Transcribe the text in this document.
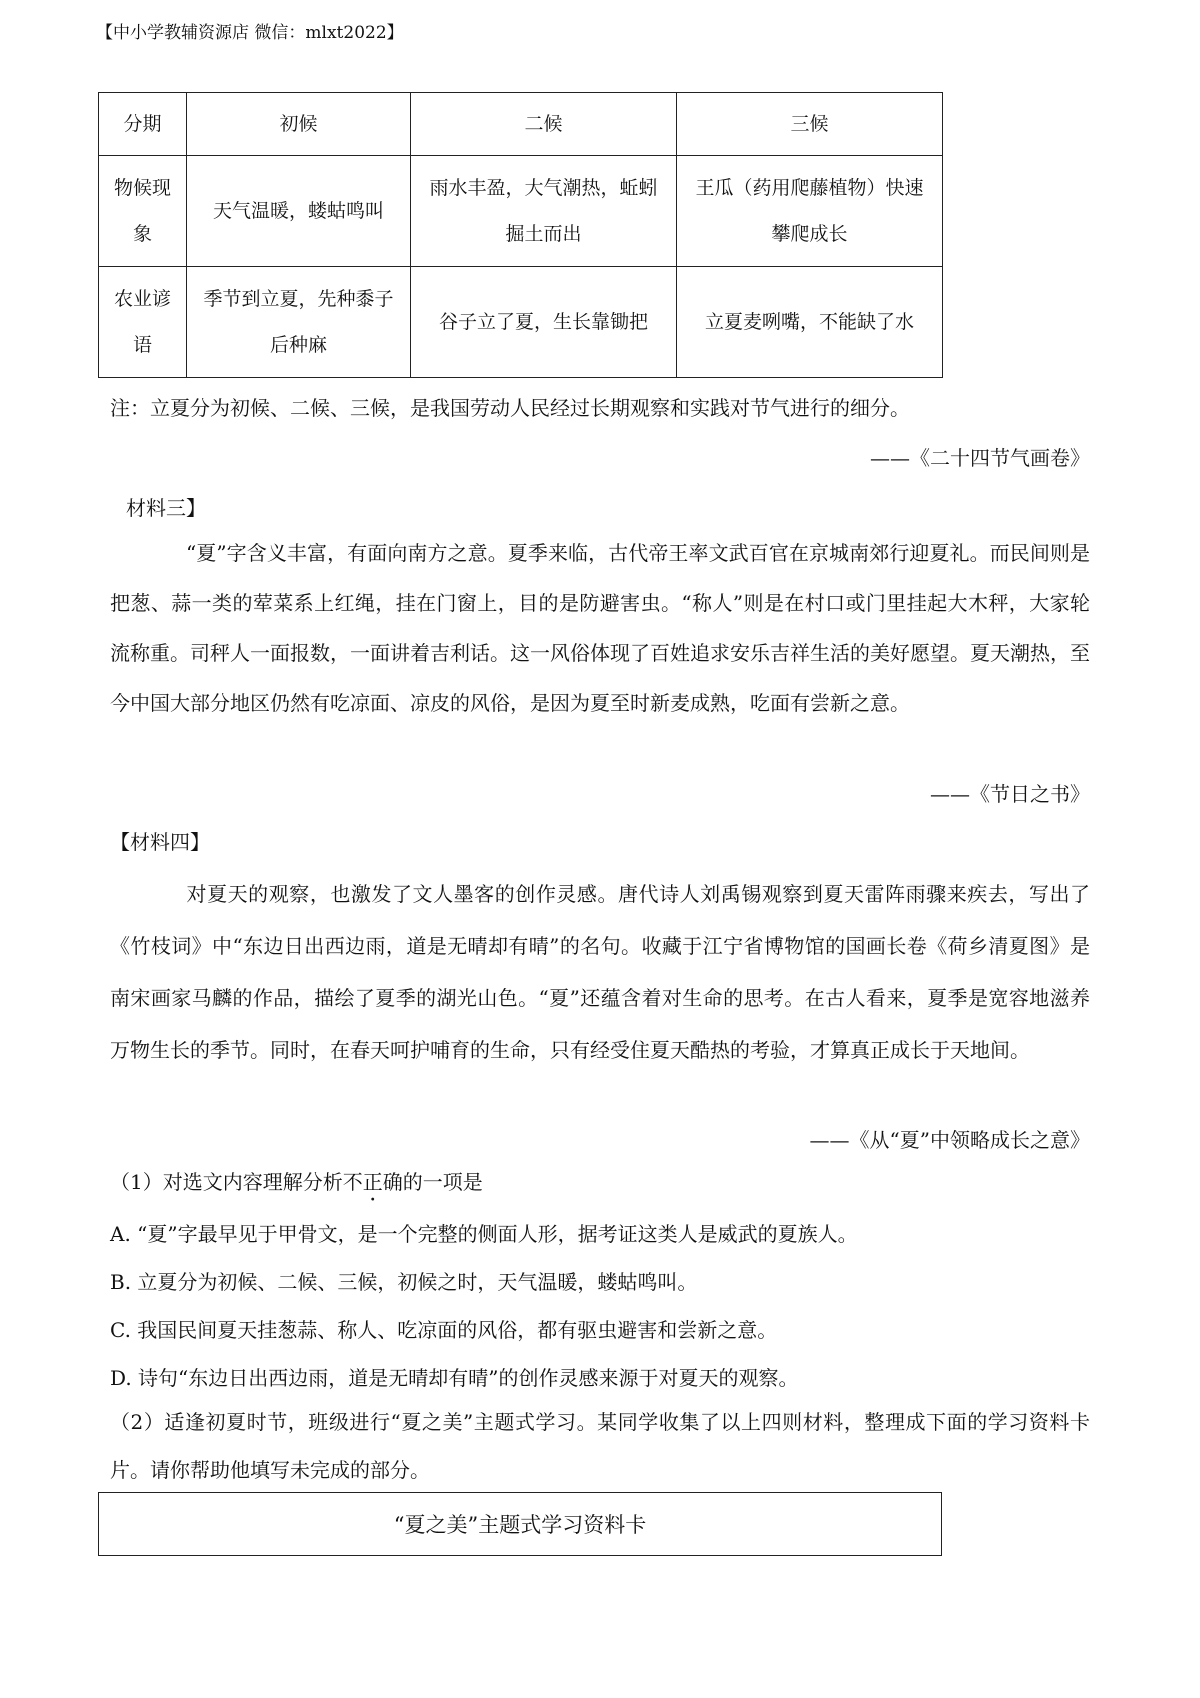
【中小学教辅资源店 微信：mlxt2022】
分期	初候	二候	三候
物候现象	天气温暖，蝼蛄鸣叫	雨水丰盈，大气潮热，蚯蚓掘土而出	王瓜（药用爬藤植物）快速攀爬成长
农业谚语	季节到立夏，先种黍子后种麻	谷子立了夏，生长靠锄把	立夏麦咧嘴，不能缺了水
注：立夏分为初候、二候、三候，是我国劳动人民经过长期观察和实践对节气进行的细分。
——《二十四节气画卷》
材料三】
“夏”字含义丰富，有面向南方之意。夏季来临，古代帝王率文武百官在京城南郊行迎夏礼。而民间则是把葱、蒜一类的荤菜系上红绳，挂在门窗上，目的是防避害虫。“称人”则是在村口或门里挂起大木秤，大家轮流称重。司秤人一面报数，一面讲着吉利话。这一风俗体现了百姓追求安乐吉祥生活的美好愿望。夏天潮热，至今中国大部分地区仍然有吃凉面、凉皮的风俗，是因为夏至时新麦成熟，吃面有尝新之意。
——《节日之书》
【材料四】
对夏天的观察，也激发了文人墨客的创作灵感。唐代诗人刘禹锡观察到夏天雷阵雨骤来疾去，写出了《竹枝词》中“东边日出西边雨，道是无晴却有晴”的名句。收藏于江宁省博物馆的国画长卷《荷乡清夏图》是南宋画家马麟的作品，描绘了夏季的湖光山色。“夏”还蕴含着对生命的思考。在古人看来，夏季是宽容地滋养万物生长的季节。同时，在春天呵护哺育的生命，只有经受住夏天酷热的考验，才算真正成长于天地间。
——《从“夏”中领略成长之意》
（1）对选文内容理解分析不正确的一项是
A. “夏”字最早见于甲骨文，是一个完整的侧面人形，据考证这类人是威武的夏族人。
B. 立夏分为初候、二候、三候，初候之时，天气温暖，蝼蛄鸣叫。
C. 我国民间夏天挂葱蒜、称人、吃凉面的风俗，都有驱虫避害和尝新之意。
D. 诗句“东边日出西边雨，道是无晴却有晴”的创作灵感来源于对夏天的观察。
（2）适逢初夏时节，班级进行“夏之美”主题式学习。某同学收集了以上四则材料，整理成下面的学习资料卡片。请你帮助他填写未完成的部分。
“夏之美”主题式学习资料卡
